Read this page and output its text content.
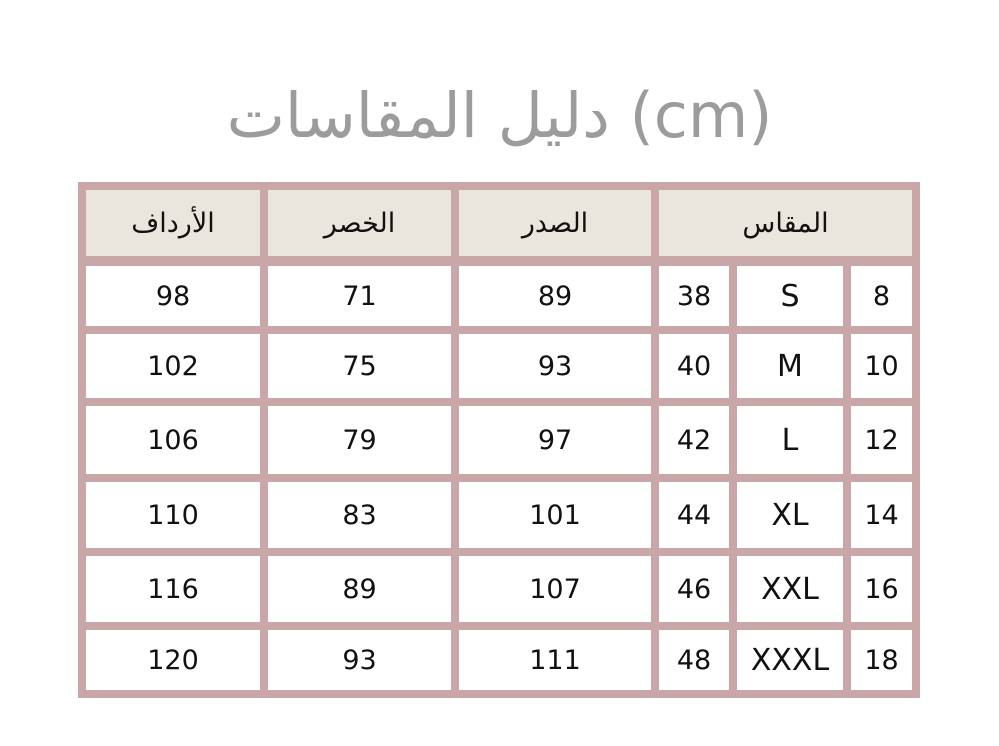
دليل المقاسات (cm)
الأرداف	الخصر	الصدر	المقاس
98	71	89	38	S	8
102	75	93	40	M	10
106	79	97	42	L	12
110	83	101	44	XL	14
116	89	107	46	XXL	16
120	93	111	48	XXXL	18
